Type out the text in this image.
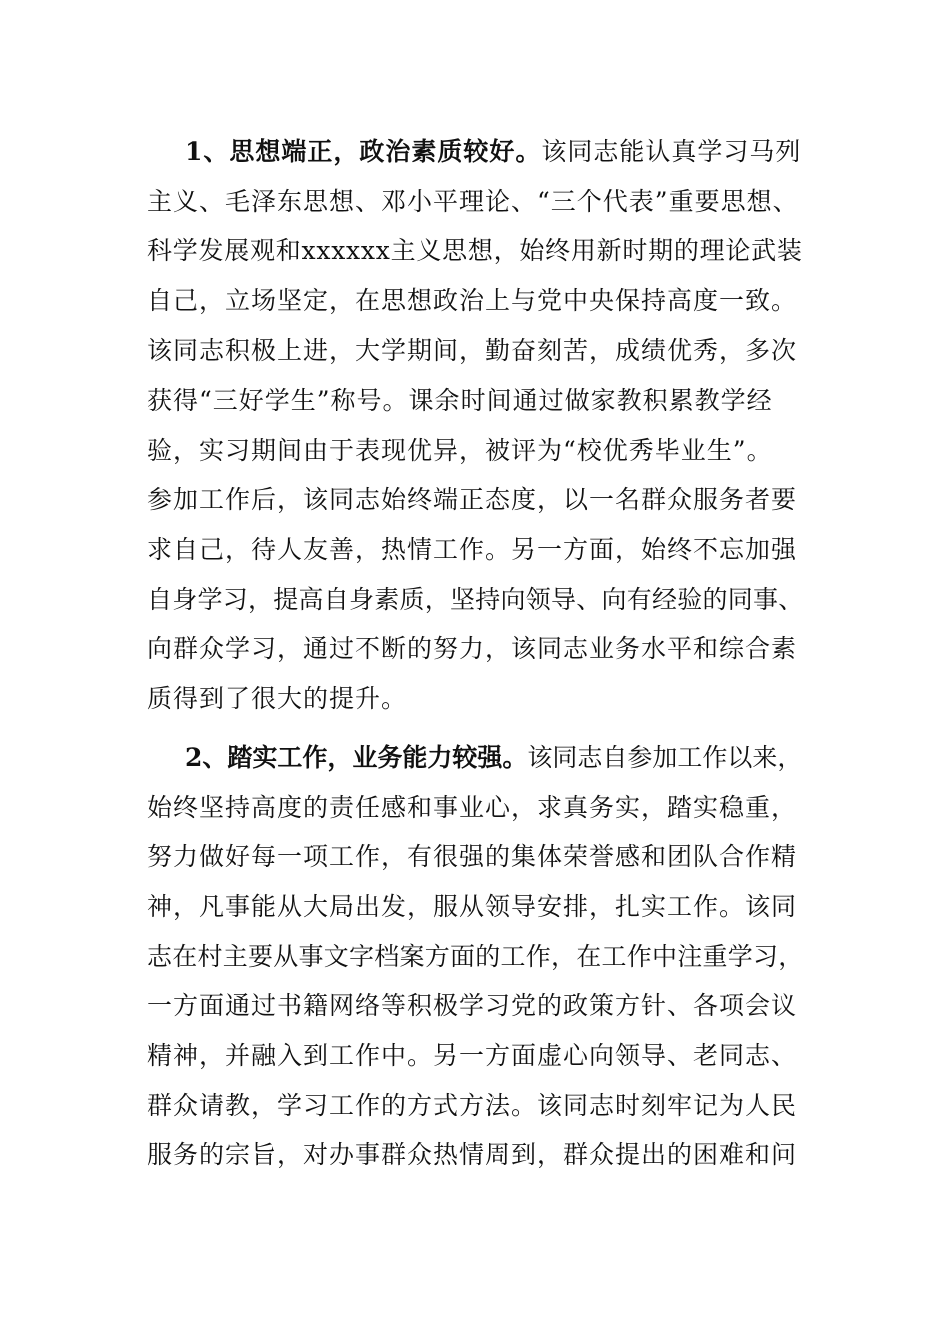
1、思想端正，政治素质较好。该同志能认真学习马列
主义、毛泽东思想、邓小平理论、“三个代表”重要思想、
科学发展观和xxxxxx主义思想，始终用新时期的理论武装
自己，立场坚定，在思想政治上与党中央保持高度一致。
该同志积极上进，大学期间，勤奋刻苦，成绩优秀，多次
获得“三好学生”称号。课余时间通过做家教积累教学经
验，实习期间由于表现优异，被评为“校优秀毕业生”。
参加工作后，该同志始终端正态度，以一名群众服务者要
求自己，待人友善，热情工作。另一方面，始终不忘加强
自身学习，提高自身素质，坚持向领导、向有经验的同事、
向群众学习，通过不断的努力，该同志业务水平和综合素
质得到了很大的提升。
2、踏实工作，业务能力较强。该同志自参加工作以来，
始终坚持高度的责任感和事业心，求真务实，踏实稳重，
努力做好每一项工作，有很强的集体荣誉感和团队合作精
神，凡事能从大局出发，服从领导安排，扎实工作。该同
志在村主要从事文字档案方面的工作，在工作中注重学习，
一方面通过书籍网络等积极学习党的政策方针、各项会议
精神，并融入到工作中。另一方面虚心向领导、老同志、
群众请教，学习工作的方式方法。该同志时刻牢记为人民
服务的宗旨，对办事群众热情周到，群众提出的困难和问
